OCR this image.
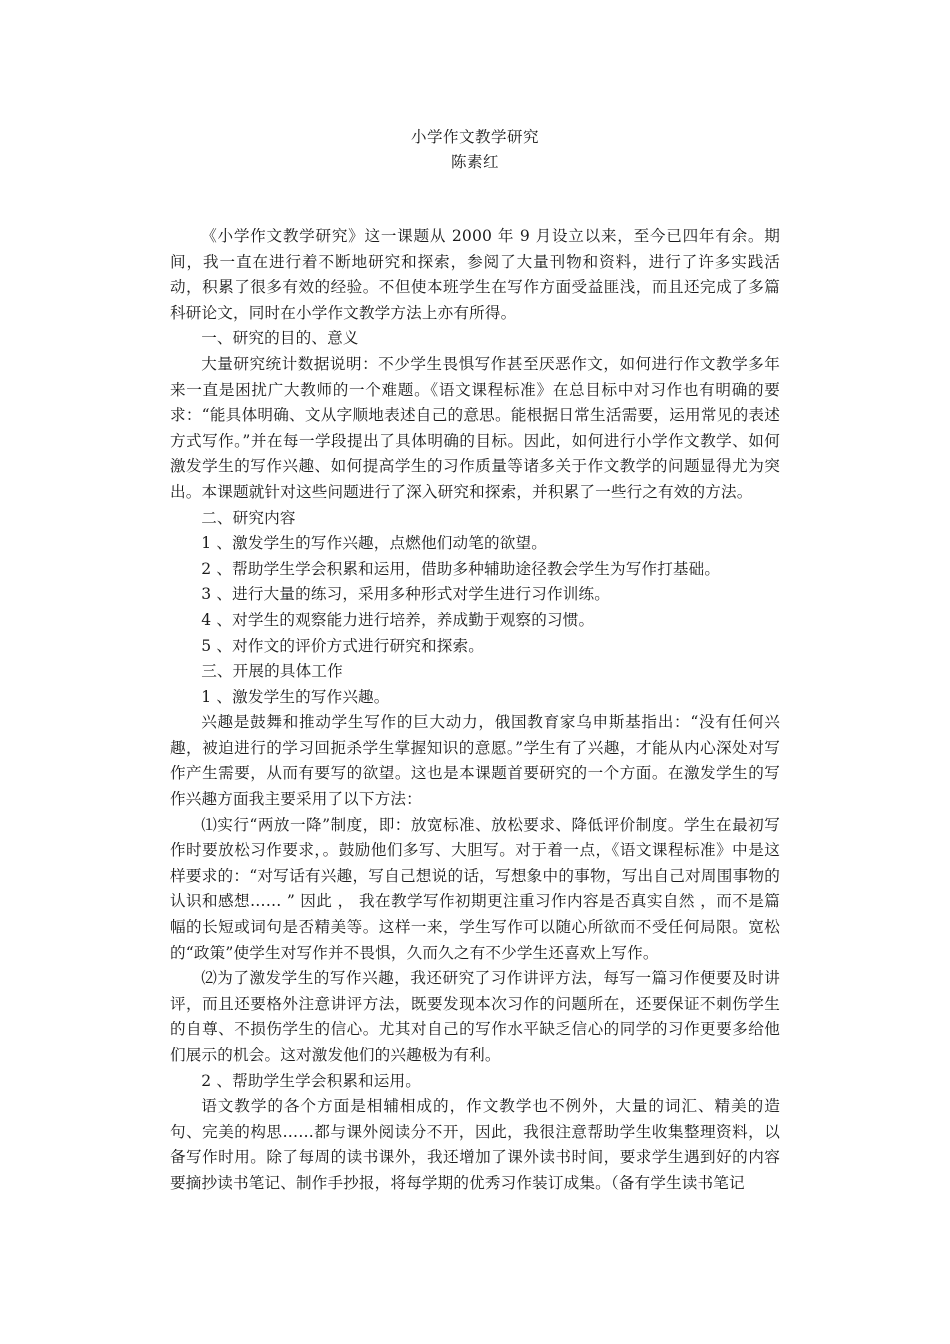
小学作文教学研究
陈素红

《小学作文教学研究》这一课题从 2000 年 9 月设立以来，至今已四年有余。期间，我一直在进行着不断地研究和探索，参阅了大量刊物和资料，进行了许多实践活动，积累了很多有效的经验。不但使本班学生在写作方面受益匪浅，而且还完成了多篇科研论文，同时在小学作文教学方法上亦有所得。

一、研究的目的、意义

大量研究统计数据说明：不少学生畏惧写作甚至厌恶作文，如何进行作文教学多年来一直是困扰广大教师的一个难题。《语文课程标准》在总目标中对习作也有明确的要求：“能具体明确、文从字顺地表述自己的意思。能根据日常生活需要，运用常见的表述方式写作。”并在每一学段提出了具体明确的目标。因此，如何进行小学作文教学、如何激发学生的写作兴趣、如何提高学生的习作质量等诸多关于作文教学的问题显得尤为突出。本课题就针对这些问题进行了深入研究和探索，并积累了一些行之有效的方法。

二、研究内容

1 、激发学生的写作兴趣，点燃他们动笔的欲望。

2 、帮助学生学会积累和运用，借助多种辅助途径教会学生为写作打基础。

3 、进行大量的练习，采用多种形式对学生进行习作训练。

4 、对学生的观察能力进行培养，养成勤于观察的习惯。

5 、对作文的评价方式进行研究和探索。

三、开展的具体工作

1 、激发学生的写作兴趣。

兴趣是鼓舞和推动学生写作的巨大动力，俄国教育家乌申斯基指出：“没有任何兴趣，被迫进行的学习回扼杀学生掌握知识的意愿。”学生有了兴趣，才能从内心深处对写作产生需要，从而有要写的欲望。这也是本课题首要研究的一个方面。在激发学生的写作兴趣方面我主要采用了以下方法：

⑴实行“两放一降”制度，即：放宽标准、放松要求、降低评价制度。学生在最初写作时要放松习作要求，。鼓励他们多写、大胆写。对于着一点，《语文课程标准》中是这样要求的：“对写话有兴趣，写自己想说的话，写想象中的事物，写出自己对周围事物的认识和感想…… ” 因此 ， 我在教学写作初期更注重习作内容是否真实自然 ，而不是篇幅的长短或词句是否精美等。这样一来，学生写作可以随心所欲而不受任何局限。宽松的“政策”使学生对写作并不畏惧，久而久之有不少学生还喜欢上写作。

⑵为了激发学生的写作兴趣，我还研究了习作讲评方法，每写一篇习作便要及时讲评，而且还要格外注意讲评方法，既要发现本次习作的问题所在，还要保证不刺伤学生的自尊、不损伤学生的信心。尤其对自己的写作水平缺乏信心的同学的习作更要多给他们展示的机会。这对激发他们的兴趣极为有利。

2 、帮助学生学会积累和运用。

语文教学的各个方面是相辅相成的，作文教学也不例外，大量的词汇、精美的造句、完美的构思……都与课外阅读分不开，因此，我很注意帮助学生收集整理资料，以备写作时用。除了每周的读书课外，我还增加了课外读书时间，要求学生遇到好的内容要摘抄读书笔记、制作手抄报，将每学期的优秀习作装订成集。（备有学生读书笔记
